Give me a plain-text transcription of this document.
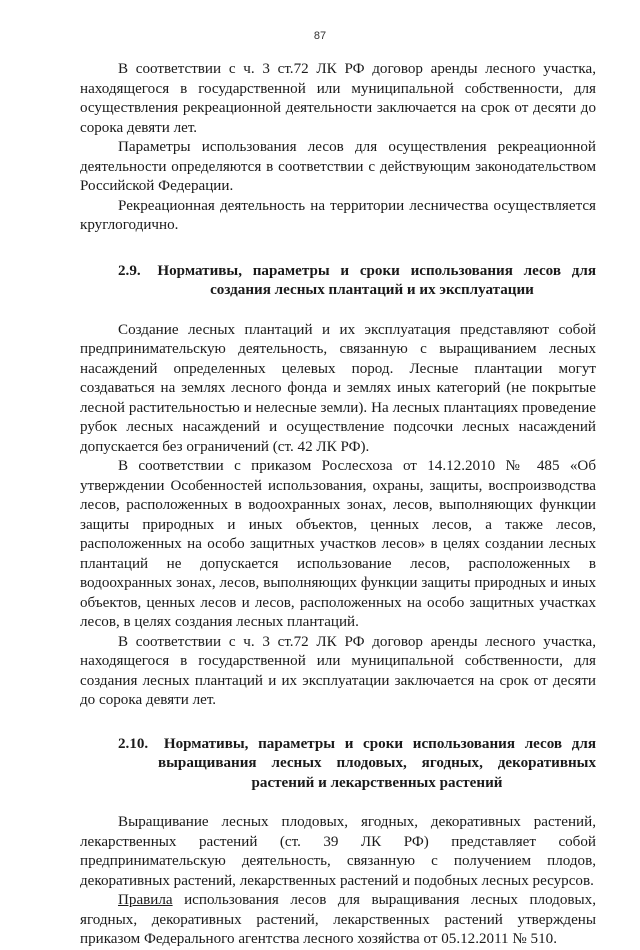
87

В соответствии с ч. 3 ст.72 ЛК РФ договор аренды лесного участка, находящегося в государственной или муниципальной собственности, для осуществления рекреационной деятельности заключается на срок от десяти до сорока девяти лет.

Параметры использования лесов для осуществления рекреационной деятельности определяются в соответствии с действующим законодательством Российской Федерации.

Рекреационная деятельность на территории лесничества осуществляется круглогодично.

2.9. Нормативы, параметры и сроки использования лесов для создания лесных плантаций и их эксплуатации

Создание лесных плантаций и их эксплуатация представляют собой предпринимательскую деятельность, связанную с выращиванием лесных насаждений определенных целевых пород. Лесные плантации могут создаваться на землях лесного фонда и землях иных категорий (не покрытые лесной растительностью и нелесные земли). На лесных плантациях проведение рубок лесных насаждений и осуществление подсочки лесных насаждений допускается без ограничений (ст. 42 ЛК РФ).

В соответствии с приказом Рослесхоза от 14.12.2010 № 485 «Об утверждении Особенностей использования, охраны, защиты, воспроизводства лесов, расположенных в водоохранных зонах, лесов, выполняющих функции защиты природных и иных объектов, ценных лесов, а также лесов, расположенных на особо защитных участков лесов» в целях создании лесных плантаций не допускается использование лесов, расположенных в водоохранных зонах, лесов, выполняющих функции защиты природных и иных объектов, ценных лесов и лесов, расположенных на особо защитных участках лесов, в целях создания лесных плантаций.

В соответствии с ч. 3 ст.72 ЛК РФ договор аренды лесного участка, находящегося в государственной или муниципальной собственности, для создания лесных плантаций и их эксплуатации заключается на срок от десяти до сорока девяти лет.

2.10. Нормативы, параметры и сроки использования лесов для выращивания лесных плодовых, ягодных, декоративных растений и лекарственных растений

Выращивание лесных плодовых, ягодных, декоративных растений, лекарственных растений (ст. 39 ЛК РФ) представляет собой предпринимательскую деятельность, связанную с получением плодов, декоративных растений, лекарственных растений и подобных лесных ресурсов.

Правила использования лесов для выращивания лесных плодовых, ягодных, декоративных растений, лекарственных растений утверждены приказом Федерального агентства лесного хозяйства от 05.12.2011 № 510.
